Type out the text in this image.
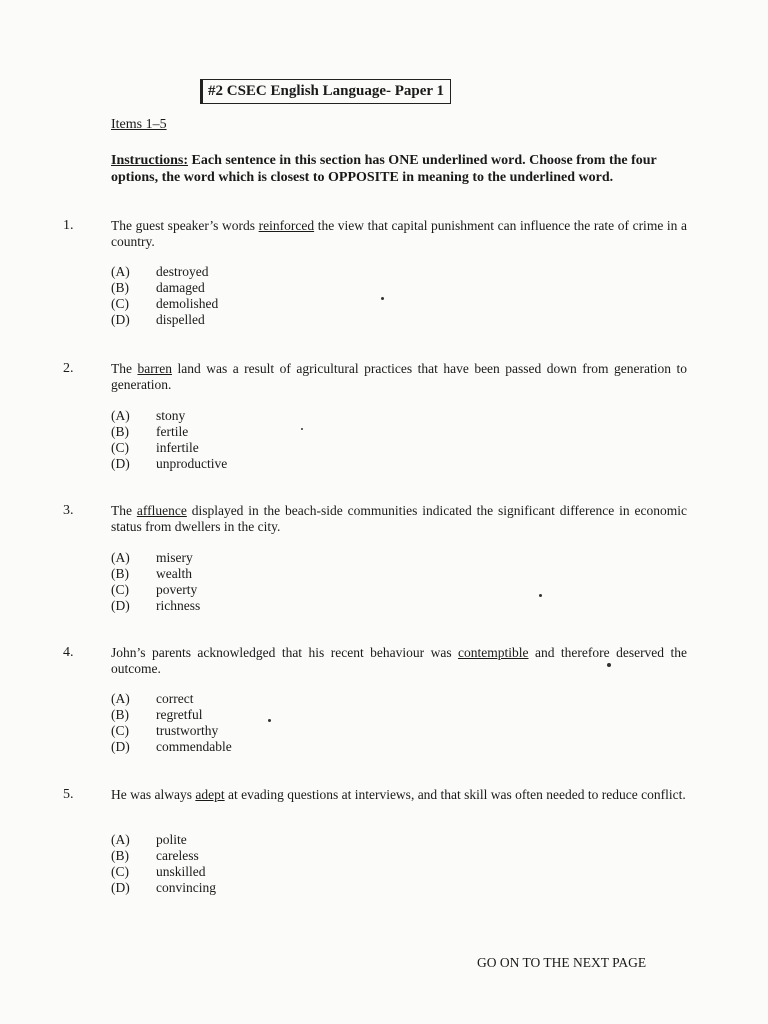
#2 CSEC English Language- Paper 1
Items 1–5
Instructions: Each sentence in this section has ONE underlined word. Choose from the four options, the word which is closest to OPPOSITE in meaning to the underlined word.
1.	The guest speaker’s words reinforced the view that capital punishment can influence the rate of crime in a country.
(A) destroyed
(B) damaged
(C) demolished
(D) dispelled
2.	The barren land was a result of agricultural practices that have been passed down from generation to generation.
(A) stony
(B) fertile
(C) infertile
(D) unproductive
3.	The affluence displayed in the beach-side communities indicated the significant difference in economic status from dwellers in the city.
(A) misery
(B) wealth
(C) poverty
(D) richness
4.	John’s parents acknowledged that his recent behaviour was contemptible and therefore deserved the outcome.
(A) correct
(B) regretful
(C) trustworthy
(D) commendable
5.	He was always adept at evading questions at interviews, and that skill was often needed to reduce conflict.
(A) polite
(B) careless
(C) unskilled
(D) convincing
GO ON TO THE NEXT PAGE
